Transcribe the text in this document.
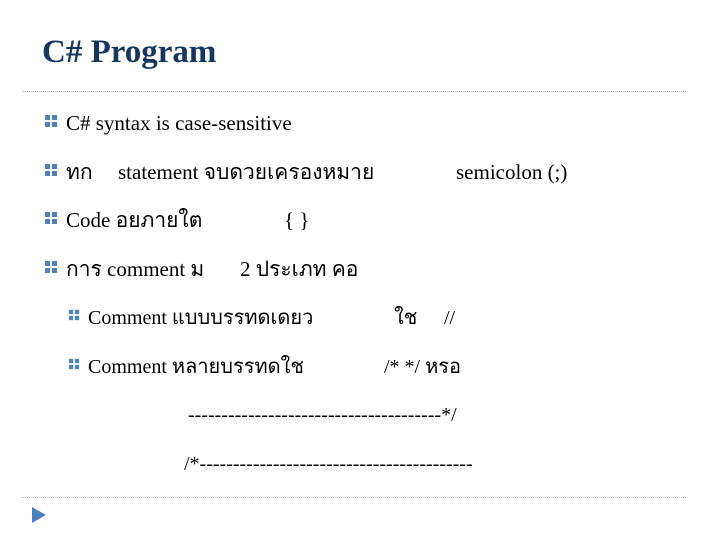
C# Program
C# syntax is case-sensitive
ทก statement จบดวยเครองหมาย	semicolon (;)
Code อยภายใต	{ }
การ comment ม 2 ประเภท คอ
Comment แบบบรรทดเดยว	ใช //
Comment หลายบรรทดใช	/* */ หรอ
--------------------------------------*/
/*-----------------------------------------
